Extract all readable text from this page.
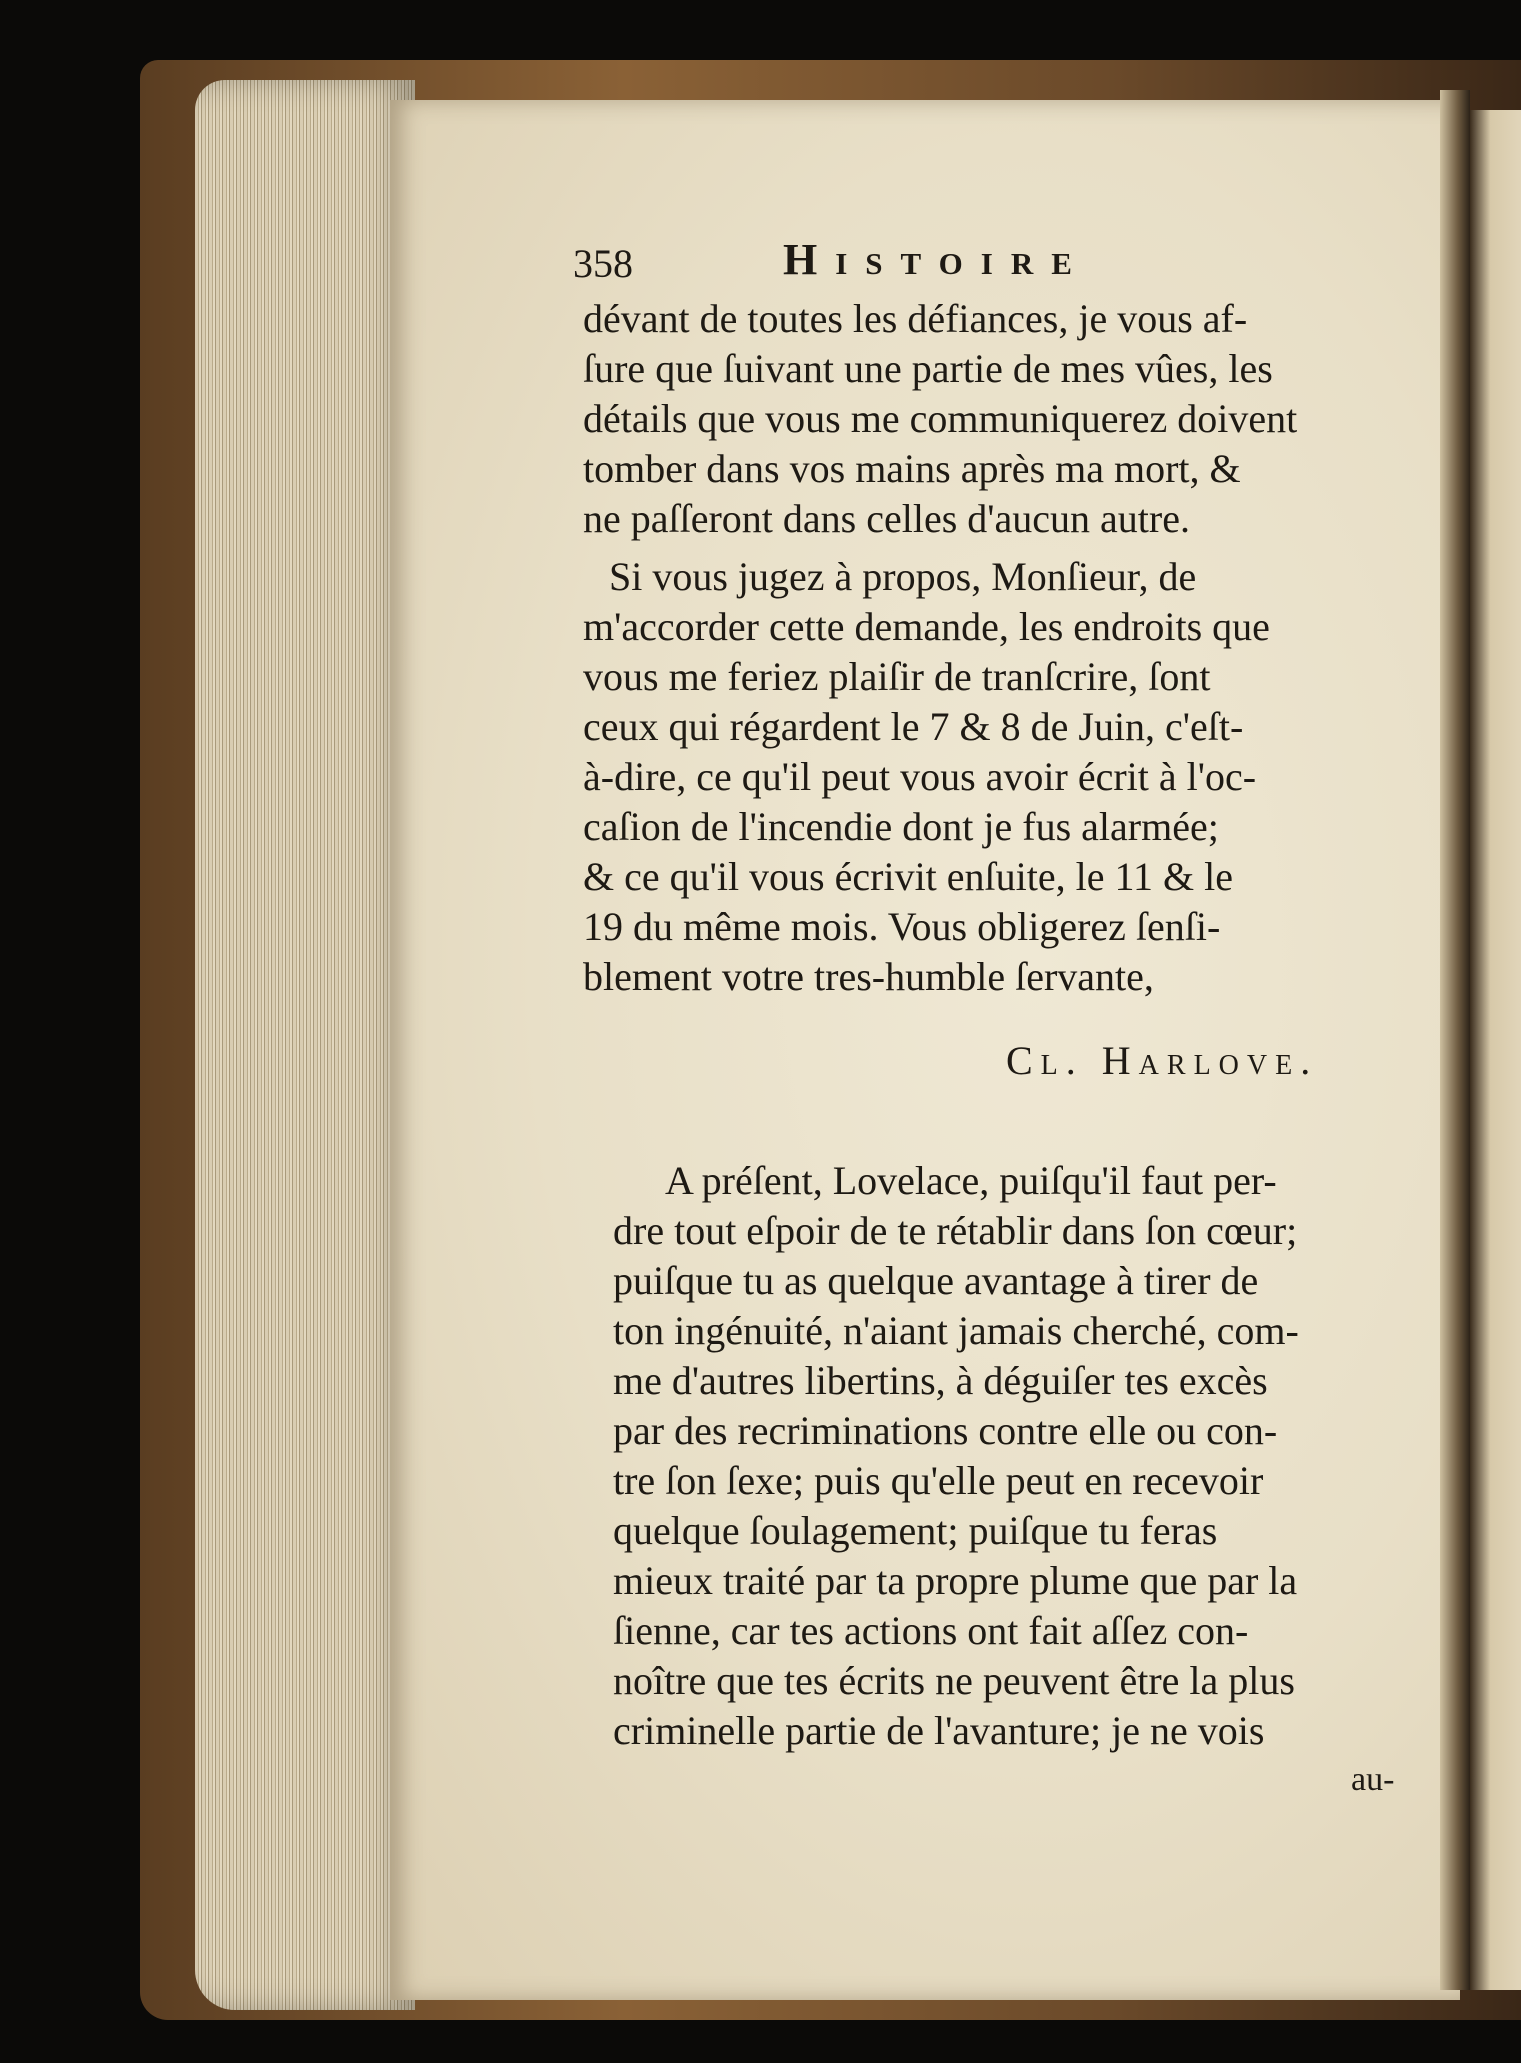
358	Histoire
dévant de toutes les défiances, je vous af-
ſure que ſuivant une partie de mes vûes, les
détails que vous me communiquerez doivent
tomber dans vos mains après ma mort, &
ne paſſeront dans celles d'aucun autre.
Si vous jugez à propos, Monſieur, de
m'accorder cette demande, les endroits que
vous me feriez plaiſir de tranſcrire, ſont
ceux qui régardent le 7 & 8 de Juin, c'eſt-
à-dire, ce qu'il peut vous avoir écrit à l'oc-
caſion de l'incendie dont je fus alarmée;
& ce qu'il vous écrivit enſuite, le 11 & le
19 du même mois. Vous obligerez ſenſi-
blement votre tres-humble ſervante,
Cl. Harlove.
A préſent, Lovelace, puiſqu'il faut per-
dre tout eſpoir de te rétablir dans ſon cœur;
puiſque tu as quelque avantage à tirer de
ton ingénuité, n'aiant jamais cherché, com-
me d'autres libertins, à déguiſer tes excès
par des recriminations contre elle ou con-
tre ſon ſexe; puis qu'elle peut en recevoir
quelque ſoulagement; puiſque tu feras
mieux traité par ta propre plume que par la
ſienne, car tes actions ont fait aſſez con-
noître que tes écrits ne peuvent être la plus
criminelle partie de l'avanture; je ne vois
au-
